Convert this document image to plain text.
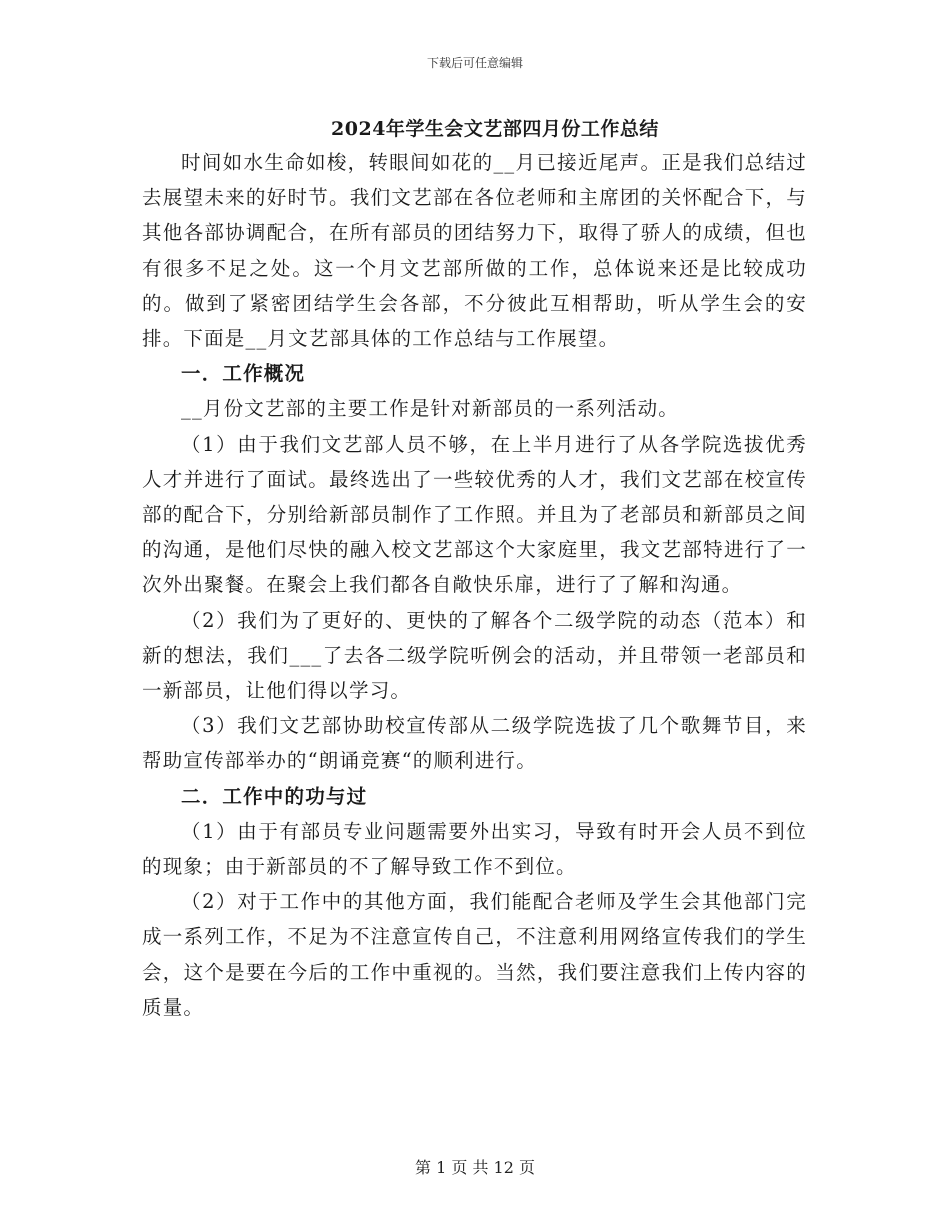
下载后可任意编辑
2024年学生会文艺部四月份工作总结

时间如水生命如梭，转眼间如花的__月已接近尾声。正是我们总结过去展望未来的好时节。我们文艺部在各位老师和主席团的关怀配合下，与其他各部协调配合，在所有部员的团结努力下，取得了骄人的成绩，但也有很多不足之处。这一个月文艺部所做的工作，总体说来还是比较成功的。做到了紧密团结学生会各部，不分彼此互相帮助，听从学生会的安排。下面是__月文艺部具体的工作总结与工作展望。

一．工作概况

__月份文艺部的主要工作是针对新部员的一系列活动。

（1）由于我们文艺部人员不够，在上半月进行了从各学院选拔优秀人才并进行了面试。最终选出了一些较优秀的人才，我们文艺部在校宣传部的配合下，分别给新部员制作了工作照。并且为了老部员和新部员之间的沟通，是他们尽快的融入校文艺部这个大家庭里，我文艺部特进行了一次外出聚餐。在聚会上我们都各自敞快乐扉，进行了了解和沟通。

（2）我们为了更好的、更快的了解各个二级学院的动态（范本）和新的想法，我们___了去各二级学院听例会的活动，并且带领一老部员和一新部员，让他们得以学习。

（3）我们文艺部协助校宣传部从二级学院选拔了几个歌舞节目，来帮助宣传部举办的“朗诵竞赛“的顺利进行。

二．工作中的功与过

（1）由于有部员专业问题需要外出实习，导致有时开会人员不到位的现象；由于新部员的不了解导致工作不到位。

（2）对于工作中的其他方面，我们能配合老师及学生会其他部门完成一系列工作，不足为不注意宣传自己，不注意利用网络宣传我们的学生会，这个是要在今后的工作中重视的。当然，我们要注意我们上传内容的质量。

第 1 页 共 12 页
